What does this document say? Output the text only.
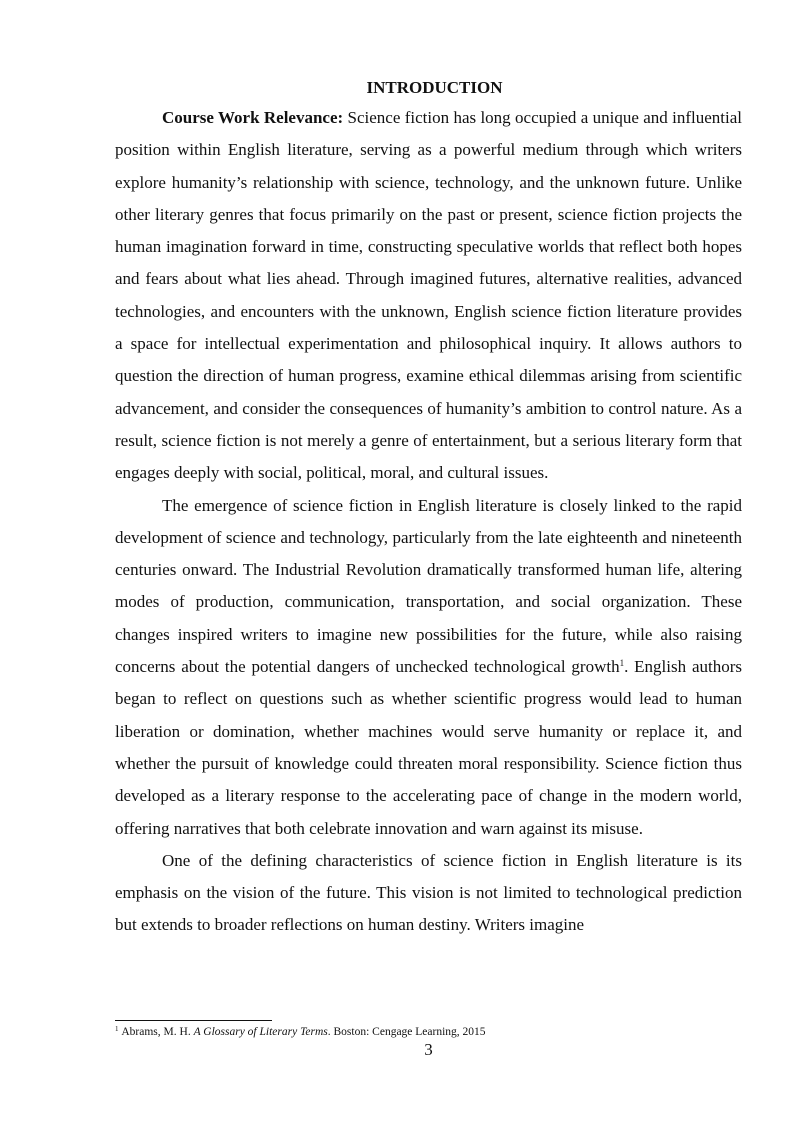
INTRODUCTION

Course Work Relevance: Science fiction has long occupied a unique and influential position within English literature, serving as a powerful medium through which writers explore humanity’s relationship with science, technology, and the unknown future. Unlike other literary genres that focus primarily on the past or present, science fiction projects the human imagination forward in time, constructing speculative worlds that reflect both hopes and fears about what lies ahead. Through imagined futures, alternative realities, advanced technologies, and encounters with the unknown, English science fiction literature provides a space for intellectual experimentation and philosophical inquiry. It allows authors to question the direction of human progress, examine ethical dilemmas arising from scientific advancement, and consider the consequences of humanity’s ambition to control nature. As a result, science fiction is not merely a genre of entertainment, but a serious literary form that engages deeply with social, political, moral, and cultural issues.

The emergence of science fiction in English literature is closely linked to the rapid development of science and technology, particularly from the late eighteenth and nineteenth centuries onward. The Industrial Revolution dramatically transformed human life, altering modes of production, communication, transportation, and social organization. These changes inspired writers to imagine new possibilities for the future, while also raising concerns about the potential dangers of unchecked technological growth$^1$. English authors began to reflect on questions such as whether scientific progress would lead to human liberation or domination, whether machines would serve humanity or replace it, and whether the pursuit of knowledge could threaten moral responsibility. Science fiction thus developed as a literary response to the accelerating pace of change in the modern world, offering narratives that both celebrate innovation and warn against its misuse.

One of the defining characteristics of science fiction in English literature is its emphasis on the vision of the future. This vision is not limited to technological prediction but extends to broader reflections on human destiny. Writers imagine

$^1$ Abrams, M. H. A Glossary of Literary Terms. Boston: Cengage Learning, 2015

3
